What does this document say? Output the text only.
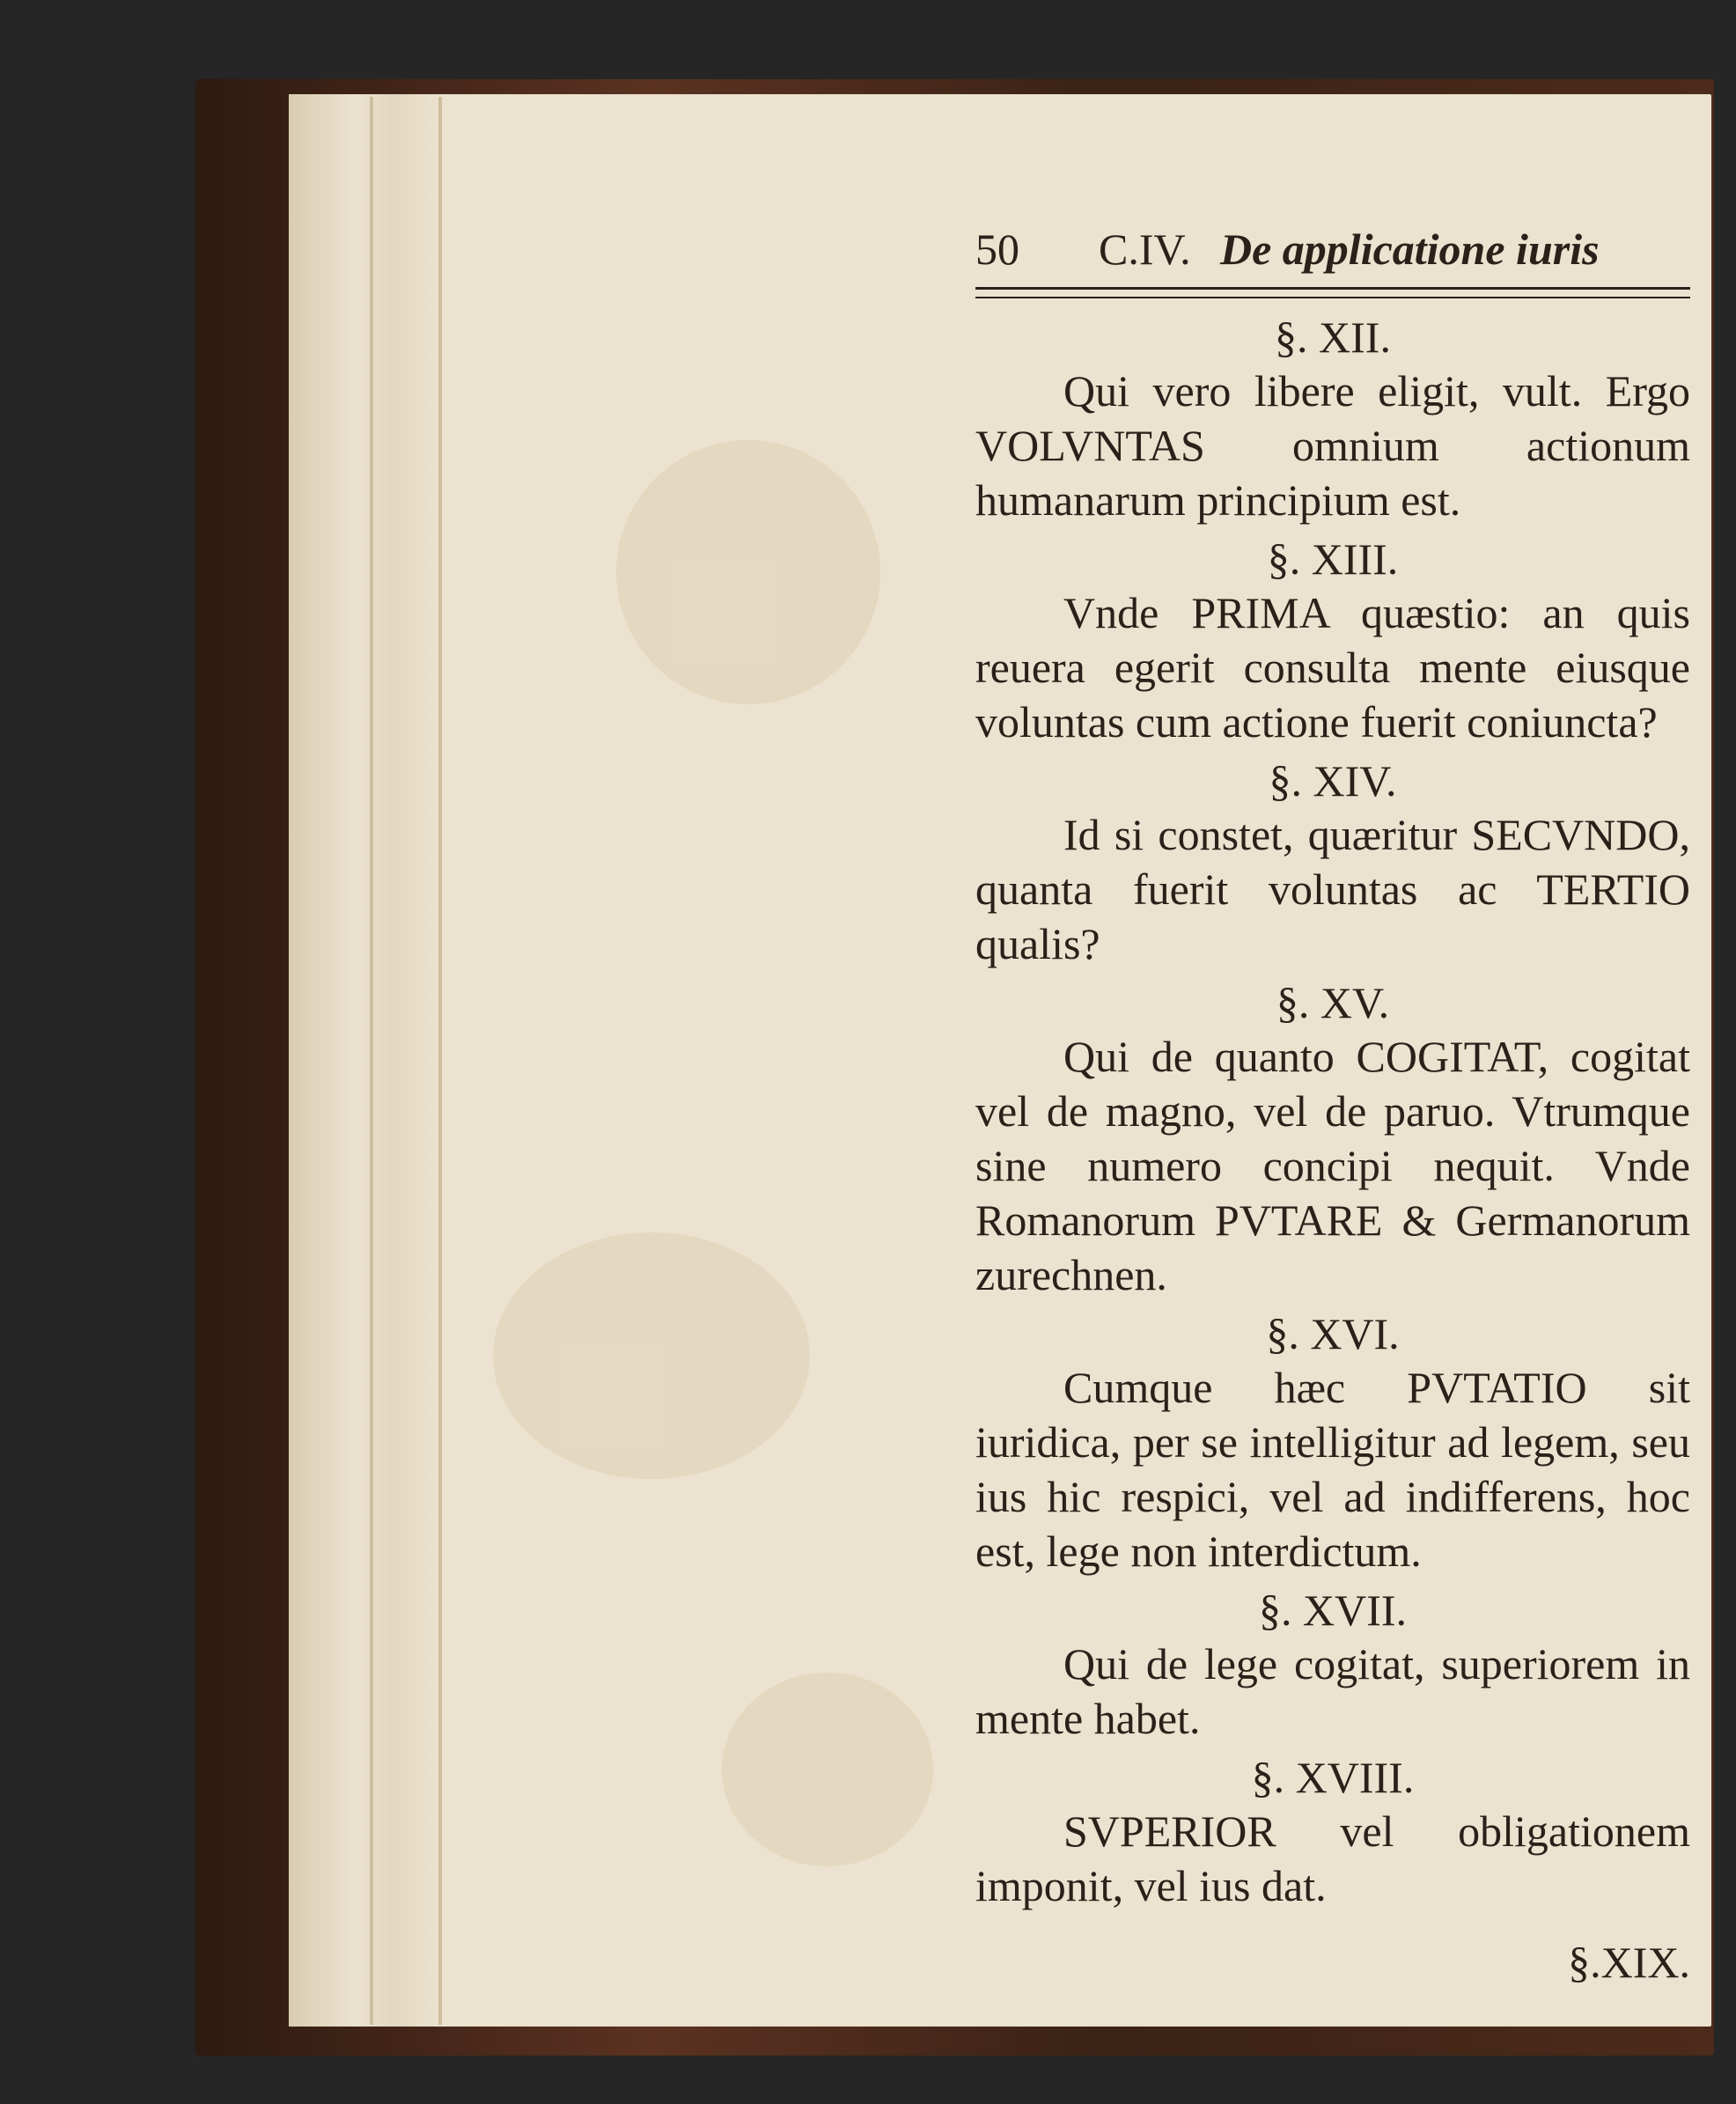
50 C.IV. De applicatione iuris
§. XII.

Qui vero libere eligit, vult. Ergo VOLVNTAS omnium actionum humanarum principium est.

§. XIII.

Vnde PRIMA quæstio: an quis reuera egerit consulta mente eiusque voluntas cum actione fuerit coniuncta?

§. XIV.

Id si constet, quæritur SECVNDO, quanta fuerit voluntas ac TERTIO qualis?

§. XV.

Qui de quanto COGITAT, cogitat vel de magno, vel de paruo. Vtrumque sine numero concipi nequit. Vnde Romanorum PVTARE & Germanorum zurechnen.

§. XVI.

Cumque hæc PVTATIO sit iuridica, per se intelligitur ad legem, seu ius hic respici, vel ad indifferens, hoc est, lege non interdictum.

§. XVII.

Qui de lege cogitat, superiorem in mente habet.

§. XVIII.

SVPERIOR vel obligationem imponit, vel ius dat.

§.XIX.
